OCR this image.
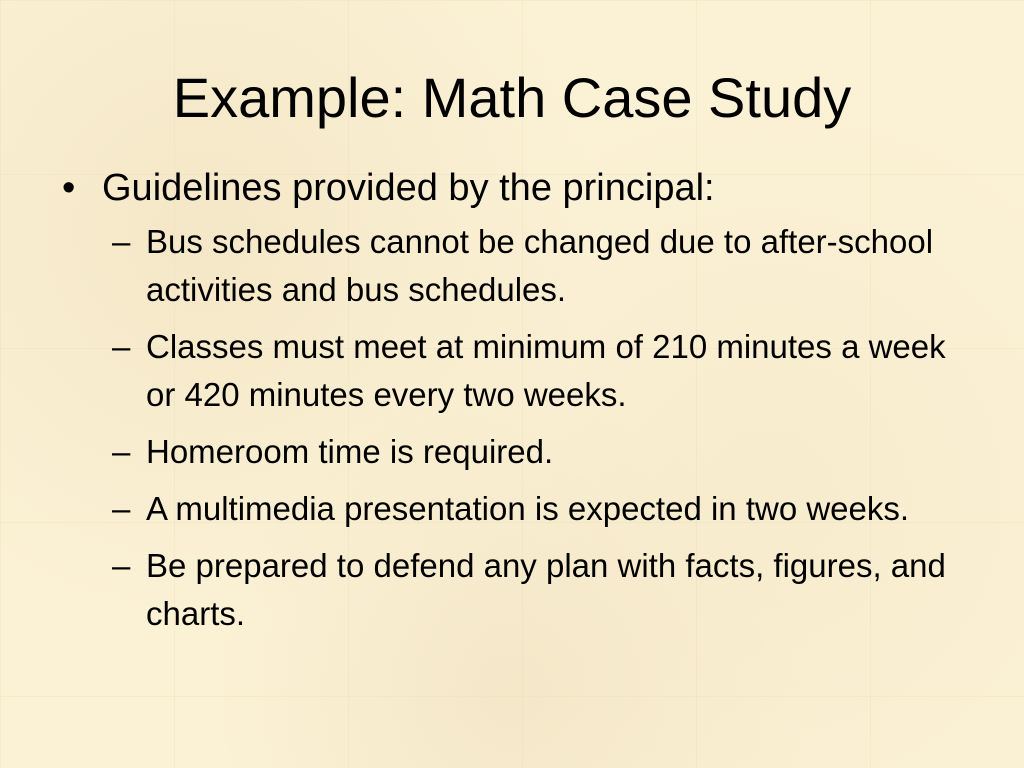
Example: Math Case Study
• Guidelines provided by the principal:
– Bus schedules cannot be changed due to after-school activities and bus schedules.
– Classes must meet at minimum of 210 minutes a week or 420 minutes every two weeks.
– Homeroom time is required.
– A multimedia presentation is expected in two weeks.
– Be prepared to defend any plan with facts, figures, and charts.
